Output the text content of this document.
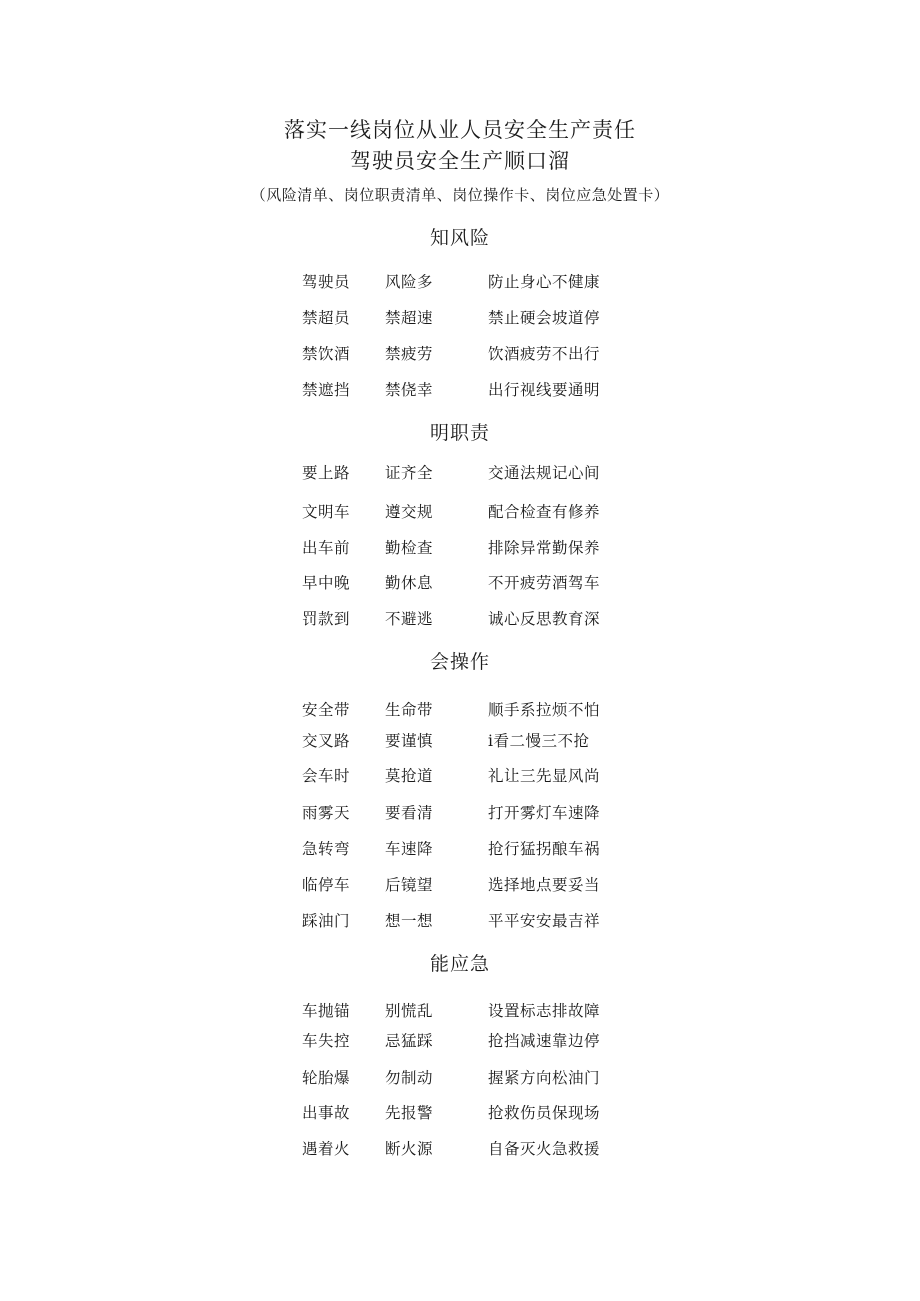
落实一线岗位从业人员安全生产责任
驾驶员安全生产顺口溜
（风险清单、岗位职责清单、岗位操作卡、岗位应急处置卡）
知风险
驾驶员 风险多	防止身心不健康
禁超员 禁超速	禁止硬会坡道停
禁饮酒 禁疲劳	饮酒疲劳不出行
禁遮挡 禁侥幸	出行视线要通明
明职责
要上路 证齐全	交通法规记心间
文明车 遵交规	配合检查有修养
出车前 勤检查	排除异常勤保养
早中晚 勤休息	不开疲劳酒驾车
罚款到 不避逃	诚心反思教育深
会操作
安全带 生命带	顺手系拉烦不怕
交叉路 要谨慎	i看二慢三不抢
会车时 莫抢道	礼让三先显风尚
雨雾天 要看清	打开雾灯车速降
急转弯 车速降	抢行猛拐酿车祸
临停车 后镜望	选择地点要妥当
踩油门 想一想	平平安安最吉祥
能应急
车抛锚 别慌乱	设置标志排故障
车失控 忌猛踩	抢挡减速靠边停
轮胎爆 勿制动	握紧方向松油门
出事故 先报警	抢救伤员保现场
遇着火 断火源	自备灭火急救援
